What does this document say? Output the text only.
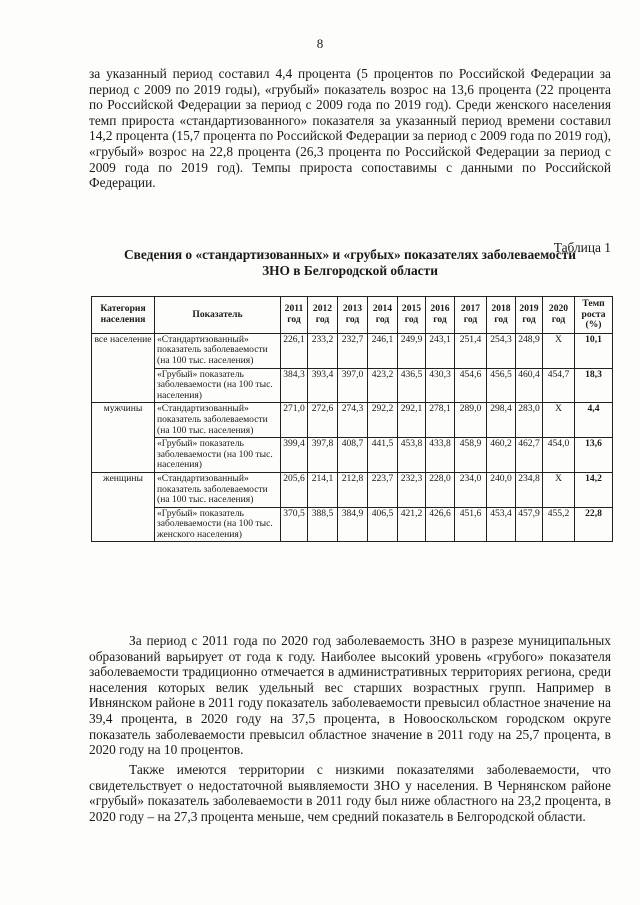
8

за указанный период составил 4,4 процента (5 процентов по Российской Федерации за период с 2009 по 2019 годы), «грубый» показатель возрос на 13,6 процента (22 процента по Российской Федерации за период с 2009 года по 2019 год). Среди женского населения темп прироста «стандартизованного» показателя за указанный период времени составил 14,2 процента (15,7 процента по Российской Федерации за период с 2009 года по 2019 год), «грубый» возрос на 22,8 процента (26,3 процента по Российской Федерации за период с 2009 года по 2019 год). Темпы прироста сопоставимы с данными по Российской Федерации.

Таблица 1
Сведения о «стандартизованных» и «грубых» показателях заболеваемости
ЗНО в Белгородской области
Категория населения	Показатель	2011 год	2012 год	2013 год	2014 год	2015 год	2016 год	2017 год	2018 год	2019 год	2020 год	Темп роста (%)
все население	«Стандартизованный» показатель заболеваемости (на 100 тыс. населения)	226,1	233,2	232,7	246,1	249,9	243,1	251,4	254,3	248,9	X	10,1
	«Грубый» показатель заболеваемости (на 100 тыс. населения)	384,3	393,4	397,0	423,2	436,5	430,3	454,6	456,5	460,4	454,7	18,3
мужчины	«Стандартизованный» показатель заболеваемости (на 100 тыс. населения)	271,0	272,6	274,3	292,2	292,1	278,1	289,0	298,4	283,0	X	4,4
	«Грубый» показатель заболеваемости (на 100 тыс. населения)	399,4	397,8	408,7	441,5	453,8	433,8	458,9	460,2	462,7	454,0	13,6
женщины	«Стандартизованный» показатель заболеваемости (на 100 тыс. населения)	205,6	214,1	212,8	223,7	232,3	228,0	234,0	240,0	234,8	X	14,2
	«Грубый» показатель заболеваемости (на 100 тыс. женского населения)	370,5	388,5	384,9	406,5	421,2	426,6	451,6	453,4	457,9	455,2	22,8

За период с 2011 года по 2020 год заболеваемость ЗНО в разрезе муниципальных образований варьирует от года к году. Наиболее высокий уровень «грубого» показателя заболеваемости традиционно отмечается в административных территориях региона, среди населения которых велик удельный вес старших возрастных групп. Например в Ивнянском районе в 2011 году показатель заболеваемости превысил областное значение на 39,4 процента, в 2020 году на 37,5 процента, в Новооскольском городском округе показатель заболеваемости превысил областное значение в 2011 году на 25,7 процента, в 2020 году на 10 процентов.

Также имеются территории с низкими показателями заболеваемости, что свидетельствует о недостаточной выявляемости ЗНО у населения. В Чернянском районе «грубый» показатель заболеваемости в 2011 году был ниже областного на 23,2 процента, в 2020 году – на 27,3 процента меньше, чем средний показатель в Белгородской области.
